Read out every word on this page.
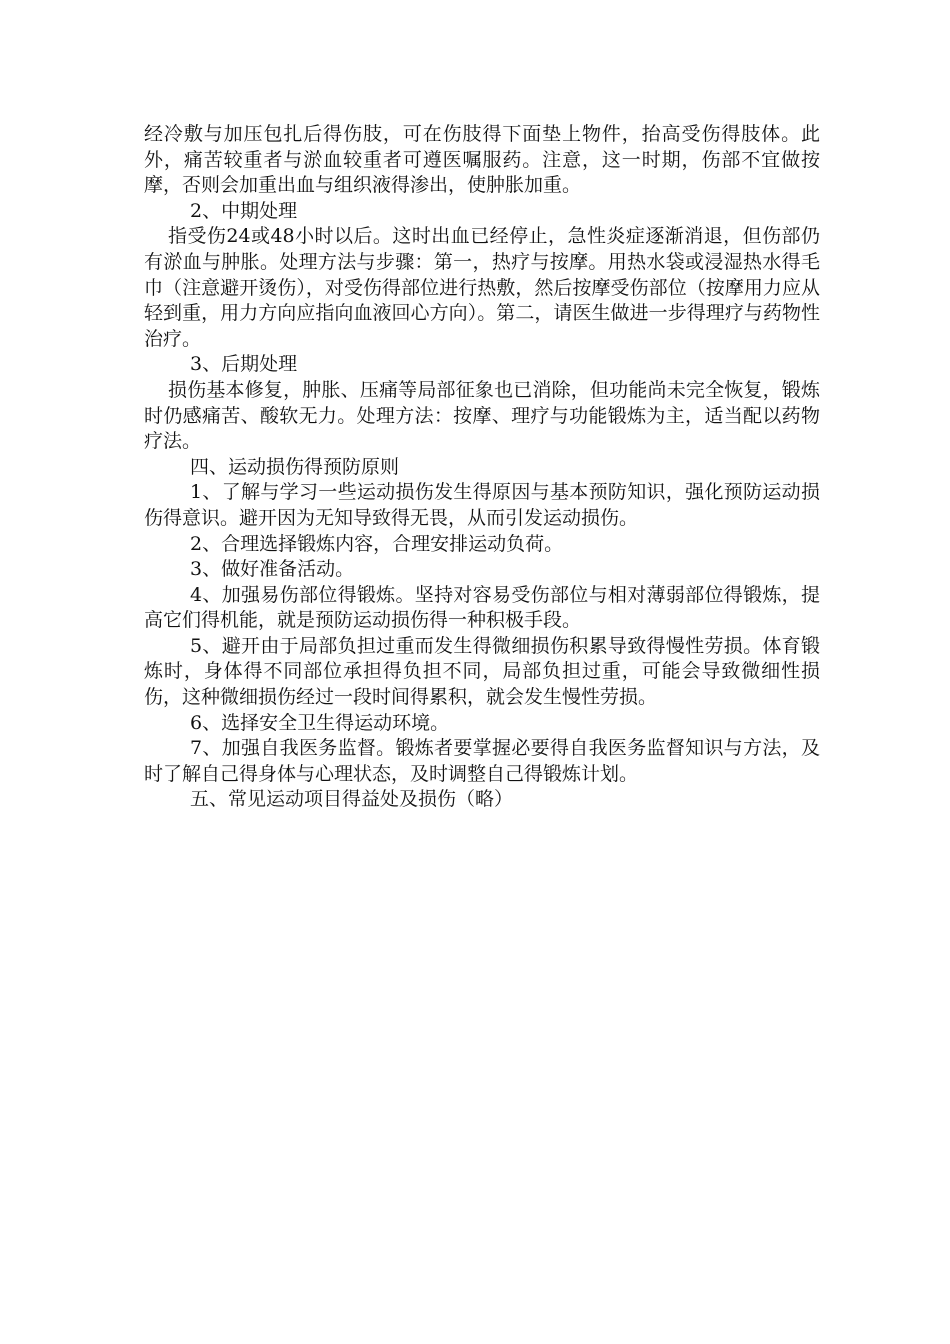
经冷敷与加压包扎后得伤肢，可在伤肢得下面垫上物件，抬高受伤得肢体。此外，痛苦较重者与淤血较重者可遵医嘱服药。注意，这一时期，伤部不宜做按摩，否则会加重出血与组织液得渗出，使肿胀加重。

2、中期处理

指受伤24或48小时以后。这时出血已经停止，急性炎症逐渐消退，但伤部仍有淤血与肿胀。处理方法与步骤：第一，热疗与按摩。用热水袋或浸湿热水得毛巾（注意避开烫伤），对受伤得部位进行热敷，然后按摩受伤部位（按摩用力应从轻到重，用力方向应指向血液回心方向）。第二，请医生做进一步得理疗与药物性治疗。

3、后期处理

损伤基本修复，肿胀、压痛等局部征象也已消除，但功能尚未完全恢复，锻炼时仍感痛苦、酸软无力。处理方法：按摩、理疗与功能锻炼为主，适当配以药物疗法。

四、运动损伤得预防原则

1、了解与学习一些运动损伤发生得原因与基本预防知识，强化预防运动损伤得意识。避开因为无知导致得无畏，从而引发运动损伤。

2、合理选择锻炼内容，合理安排运动负荷。

3、做好准备活动。

4、加强易伤部位得锻炼。坚持对容易受伤部位与相对薄弱部位得锻炼，提高它们得机能，就是预防运动损伤得一种积极手段。

5、避开由于局部负担过重而发生得微细损伤积累导致得慢性劳损。体育锻炼时，身体得不同部位承担得负担不同，局部负担过重，可能会导致微细性损伤，这种微细损伤经过一段时间得累积，就会发生慢性劳损。

6、选择安全卫生得运动环境。

7、加强自我医务监督。锻炼者要掌握必要得自我医务监督知识与方法，及时了解自己得身体与心理状态，及时调整自己得锻炼计划。

五、常见运动项目得益处及损伤（略）
